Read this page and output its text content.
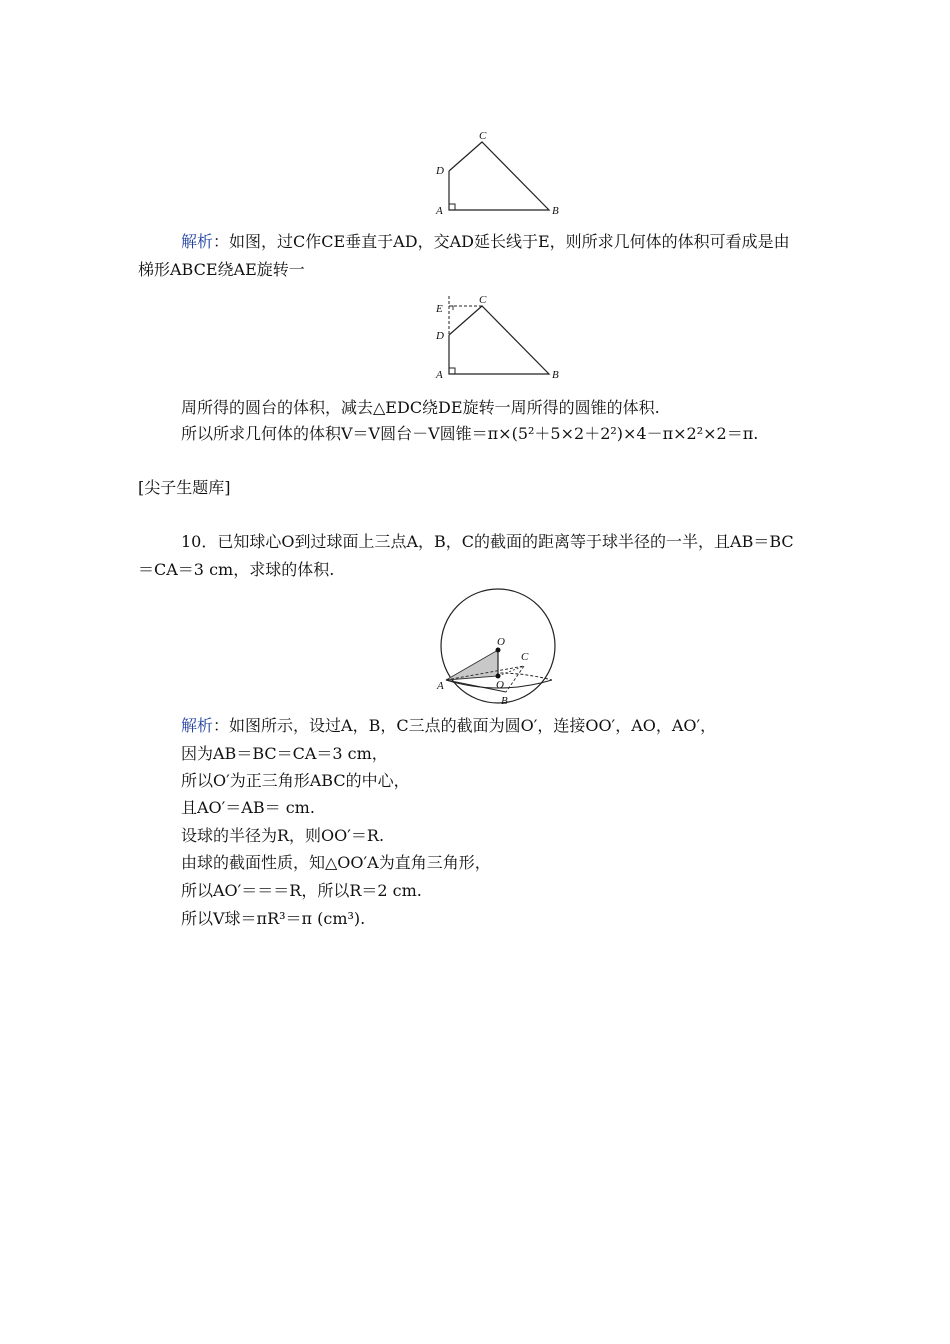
C
D
A	B
解析：如图，过C作CE垂直于AD，交AD延长线于E，则所求几何体的体积可看成是由
梯形ABCE绕AE旋转一
E
C
D
A	B
周所得的圆台的体积，减去△EDC绕DE旋转一周所得的圆锥的体积.
所以所求几何体的体积V＝V圆台－V圆锥＝π×(5²＋5×2＋2²)×4－π×2²×2＝π.
[尖子生题库]
10．已知球心O到过球面上三点A，B，C的截面的距离等于球半径的一半，且AB＝BC
＝CA＝3 cm，求球的体积.
O
C
A	O
B
解析：如图所示，设过A，B，C三点的截面为圆O′，连接OO′，AO，AO′，
因为AB＝BC＝CA＝3 cm，
所以O′为正三角形ABC的中心，
且AO′＝AB＝ cm.
设球的半径为R，则OO′＝R.
由球的截面性质，知△OO′A为直角三角形，
所以AO′＝＝＝R，所以R＝2 cm.
所以V球＝πR³＝π (cm³).
